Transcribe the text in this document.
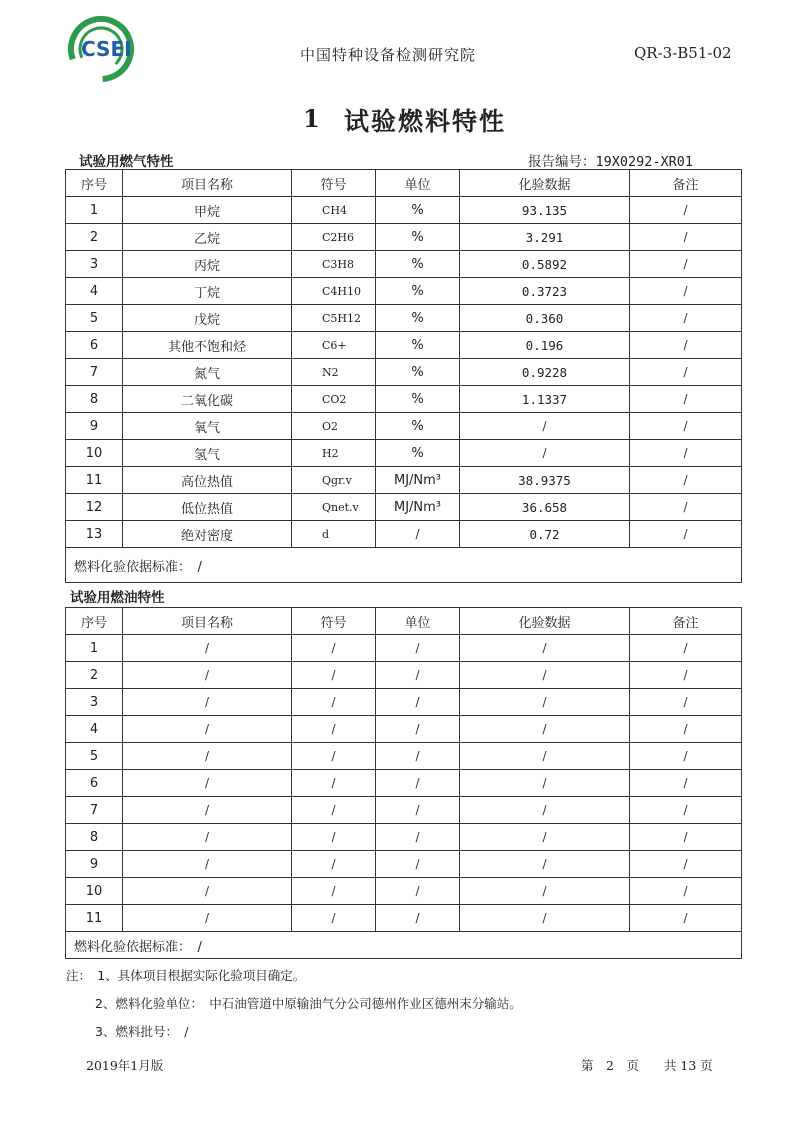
CSEI	中国特种设备检测研究院	QR-3-B51-02
1 试验燃料特性
试验用燃气特性	报告编号：19X0292-XR01
序号	项目名称	符号	单位	化验数据	备注
1	甲烷	CH4	%	93.135	/
2	乙烷	C2H6	%	3.291	/
3	丙烷	C3H8	%	0.5892	/
4	丁烷	C4H10	%	0.3723	/
5	戊烷	C5H12	%	0.360	/
6	其他不饱和烃	C6+	%	0.196	/
7	氮气	N2	%	0.9228	/
8	二氧化碳	CO2	%	1.1337	/
9	氧气	O2	%	/	/
10	氢气	H2	%	/	/
11	高位热值	Qgr.v	MJ/Nm³	38.9375	/
12	低位热值	Qnet.v	MJ/Nm³	36.658	/
13	绝对密度	d	/	0.72	/
燃料化验依据标准：　/					
试验用燃油特性
序号	项目名称	符号	单位	化验数据	备注
1	/	/	/	/	/
2	/	/	/	/	/
3	/	/	/	/	/
4	/	/	/	/	/
5	/	/	/	/	/
6	/	/	/	/	/
7	/	/	/	/	/
8	/	/	/	/	/
9	/	/	/	/	/
10	/	/	/	/	/
11	/	/	/	/	/
燃料化验依据标准：　/					
注：　1、具体项目根据实际化验项目确定。
2、燃料化验单位：　中石油管道中原输油气分公司德州作业区德州末分输站。
3、燃料批号：　/
2019年1月版	第　2　页　　共 13 页
